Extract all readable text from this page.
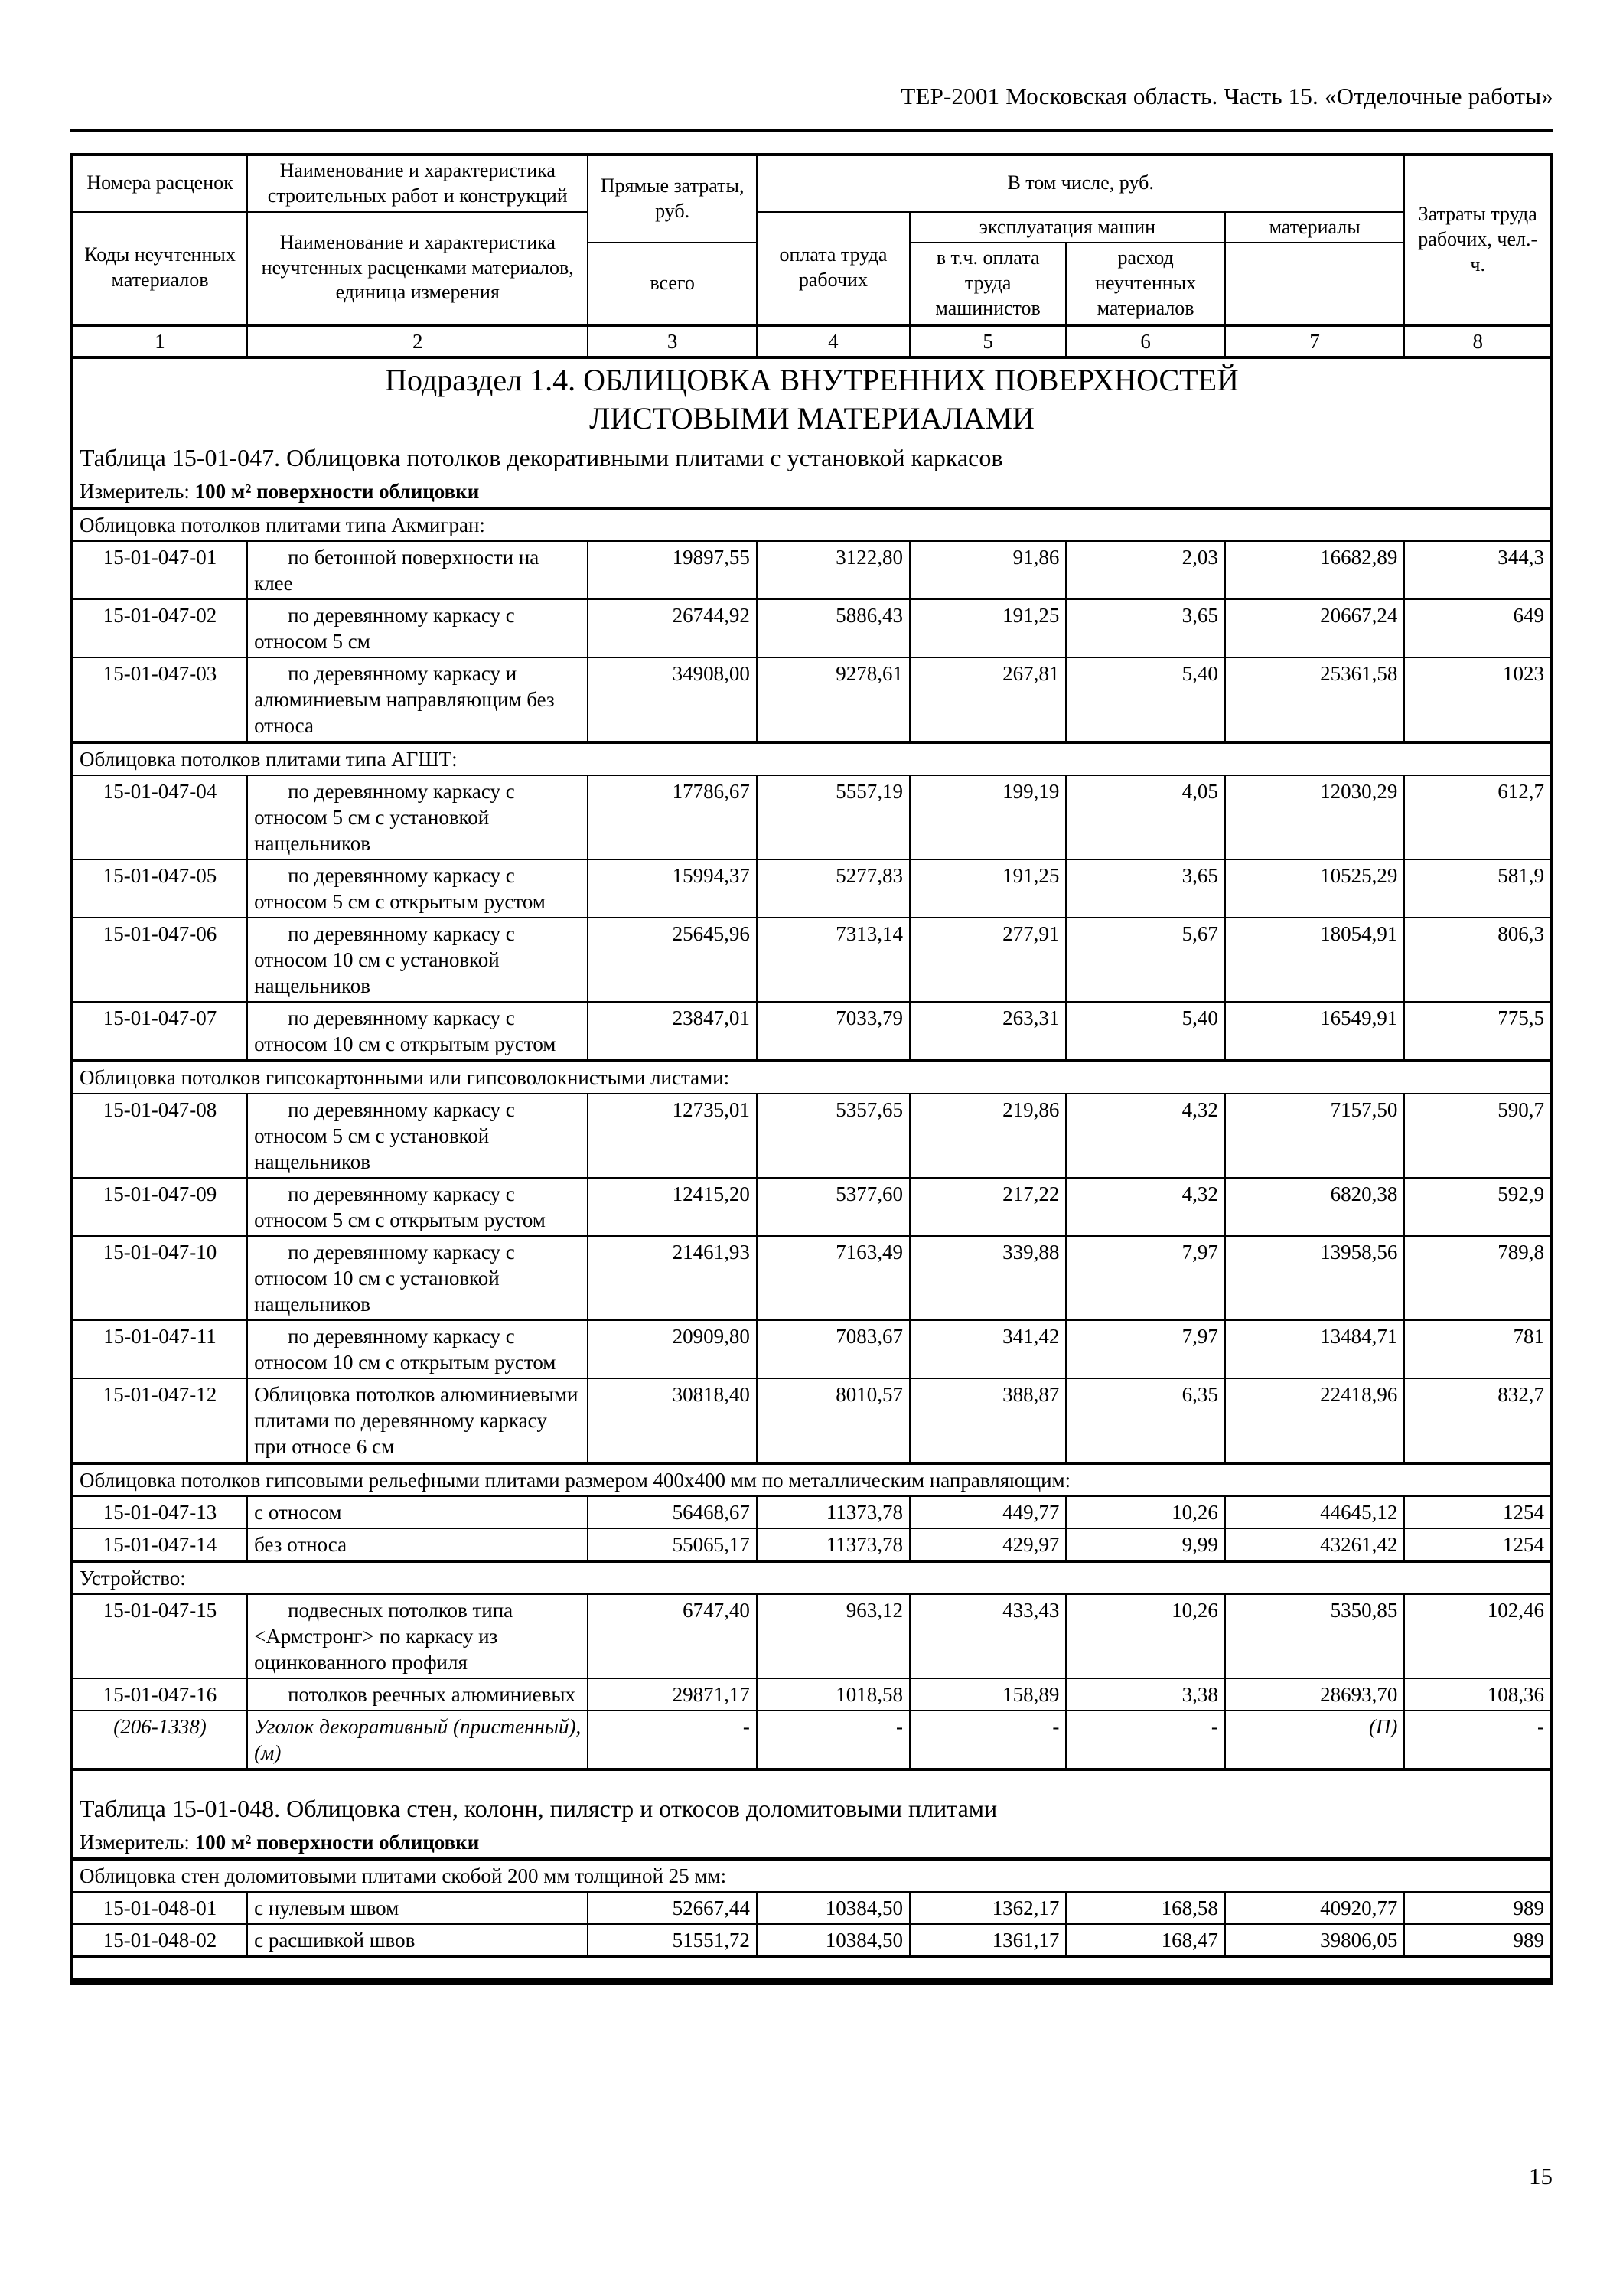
ТЕР-2001 Московская область. Часть 15. «Отделочные работы»
Номера расценок	Наименование и характеристика строительных работ и конструкций	Прямые затраты, руб.	В том числе, руб.				Затраты труда рабочих, чел.-ч.
Коды неучтенных материалов	Наименование и характеристика неучтенных расценками материалов, единица измерения		оплата труда рабочих	эксплуатация машин		материалы	
		всего		в т.ч. оплата труда машинистов	расход неучтенных материалов		
1	2	3	4	5	6	7	8

Подраздел 1.4. ОБЛИЦОВКА ВНУТРЕННИХ ПОВЕРХНОСТЕЙ
ЛИСТОВЫМИ МАТЕРИАЛАМИ							

Таблица 15-01-047. Облицовка потолков декоративными плитами с установкой каркасов							
Измеритель: 100 м² поверхности облицовки							
Облицовка потолков плитами типа Акмигран:							
15-01-047-01	по бетонной поверхности на клее	19897,55	3122,80	91,86	2,03	16682,89	344,3
15-01-047-02	по деревянному каркасу с относом 5 см	26744,92	5886,43	191,25	3,65	20667,24	649
15-01-047-03	по деревянному каркасу и алюминиевым направляющим без относа	34908,00	9278,61	267,81	5,40	25361,58	1023
Облицовка потолков плитами типа АГШТ:							
15-01-047-04	по деревянному каркасу с относом 5 см с установкой нащельников	17786,67	5557,19	199,19	4,05	12030,29	612,7
15-01-047-05	по деревянному каркасу с относом 5 см с открытым рустом	15994,37	5277,83	191,25	3,65	10525,29	581,9
15-01-047-06	по деревянному каркасу с относом 10 см с установкой нащельников	25645,96	7313,14	277,91	5,67	18054,91	806,3
15-01-047-07	по деревянному каркасу с относом 10 см с открытым рустом	23847,01	7033,79	263,31	5,40	16549,91	775,5
Облицовка потолков гипсокартонными или гипсоволокнистыми листами:							
15-01-047-08	по деревянному каркасу с относом 5 см с установкой нащельников	12735,01	5357,65	219,86	4,32	7157,50	590,7
15-01-047-09	по деревянному каркасу с относом 5 см с открытым рустом	12415,20	5377,60	217,22	4,32	6820,38	592,9
15-01-047-10	по деревянному каркасу с относом 10 см с установкой нащельников	21461,93	7163,49	339,88	7,97	13958,56	789,8
15-01-047-11	по деревянному каркасу с относом 10 см с открытым рустом	20909,80	7083,67	341,42	7,97	13484,71	781
15-01-047-12	Облицовка потолков алюминиевыми плитами по деревянному каркасу при относе 6 см	30818,40	8010,57	388,87	6,35	22418,96	832,7
Облицовка потолков гипсовыми рельефными плитами размером 400х400 мм по металлическим направляющим:							
15-01-047-13	с относом	56468,67	11373,78	449,77	10,26	44645,12	1254
15-01-047-14	без относа	55065,17	11373,78	429,97	9,99	43261,42	1254
Устройство:							
15-01-047-15	подвесных потолков типа <Армстронг> по каркасу из оцинкованного профиля	6747,40	963,12	433,43	10,26	5350,85	102,46
15-01-047-16	потолков реечных алюминиевых	29871,17	1018,58	158,89	3,38	28693,70	108,36
(206-1338)	Уголок декоративный (пристенный), (м)	-	-	-	-	(П)	-

Таблица 15-01-048. Облицовка стен, колонн, пилястр и откосов доломитовыми плитами							
Измеритель: 100 м² поверхности облицовки							
Облицовка стен доломитовыми плитами скобой 200 мм толщиной 25 мм:							
15-01-048-01	с нулевым швом	52667,44	10384,50	1362,17	168,58	40920,77	989
15-01-048-02	с расшивкой швов	51551,72	10384,50	1361,17	168,47	39806,05	989

15
